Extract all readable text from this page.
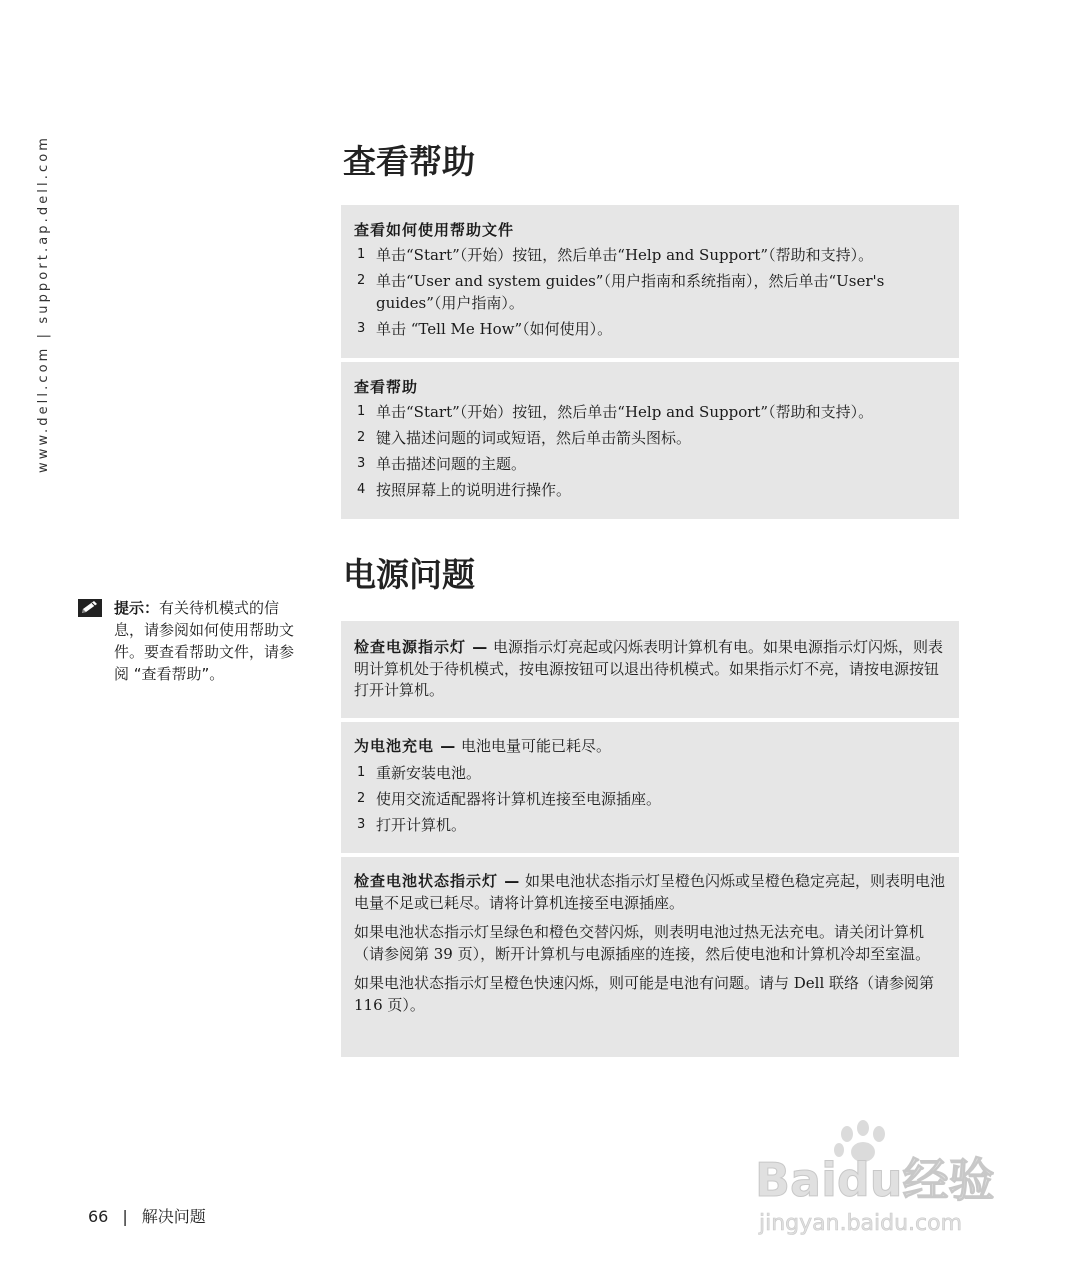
www.dell.com | support.ap.dell.com	查看帮助
查看如何使用帮助文件
1 单击“Start”（开始）按钮，然后单击“Help and Support”（帮助和支持）。
2 单击“User and system guides”（用户指南和系统指南），然后单击“User's guides”（用户指南）。
3 单击 “Tell Me How”（如何使用）。
查看帮助
1 单击“Start”（开始）按钮，然后单击“Help and Support”（帮助和支持）。
2 键入描述问题的词或短语，然后单击箭头图标。
3 单击描述问题的主题。
4 按照屏幕上的说明进行操作。
电源问题
提示：有关待机模式的信息，请参阅如何使用帮助文件。要查看帮助文件，请参阅 “查看帮助”。

检查电源指示灯 — 电源指示灯亮起或闪烁表明计算机有电。如果电源指示灯闪烁，则表明计算机处于待机模式，按电源按钮可以退出待机模式。如果指示灯不亮，请按电源按钮打开计算机。

为电池充电 — 电池电量可能已耗尽。

1 重新安装电池。
2 使用交流适配器将计算机连接至电源插座。
3 打开计算机。

检查电池状态指示灯 — 如果电池状态指示灯呈橙色闪烁或呈橙色稳定亮起，则表明电池电量不足或已耗尽。请将计算机连接至电源插座。

如果电池状态指示灯呈绿色和橙色交替闪烁，则表明电池过热无法充电。请关闭计算机 （请参阅第 39 页），断开计算机与电源插座的连接，然后使电池和计算机冷却至室温。

如果电池状态指示灯呈橙色快速闪烁，则可能是电池有问题。请与 Dell 联络（请参阅第 116 页）。

66 | 解决问题
Baidu经验
jingyan.baidu.com
